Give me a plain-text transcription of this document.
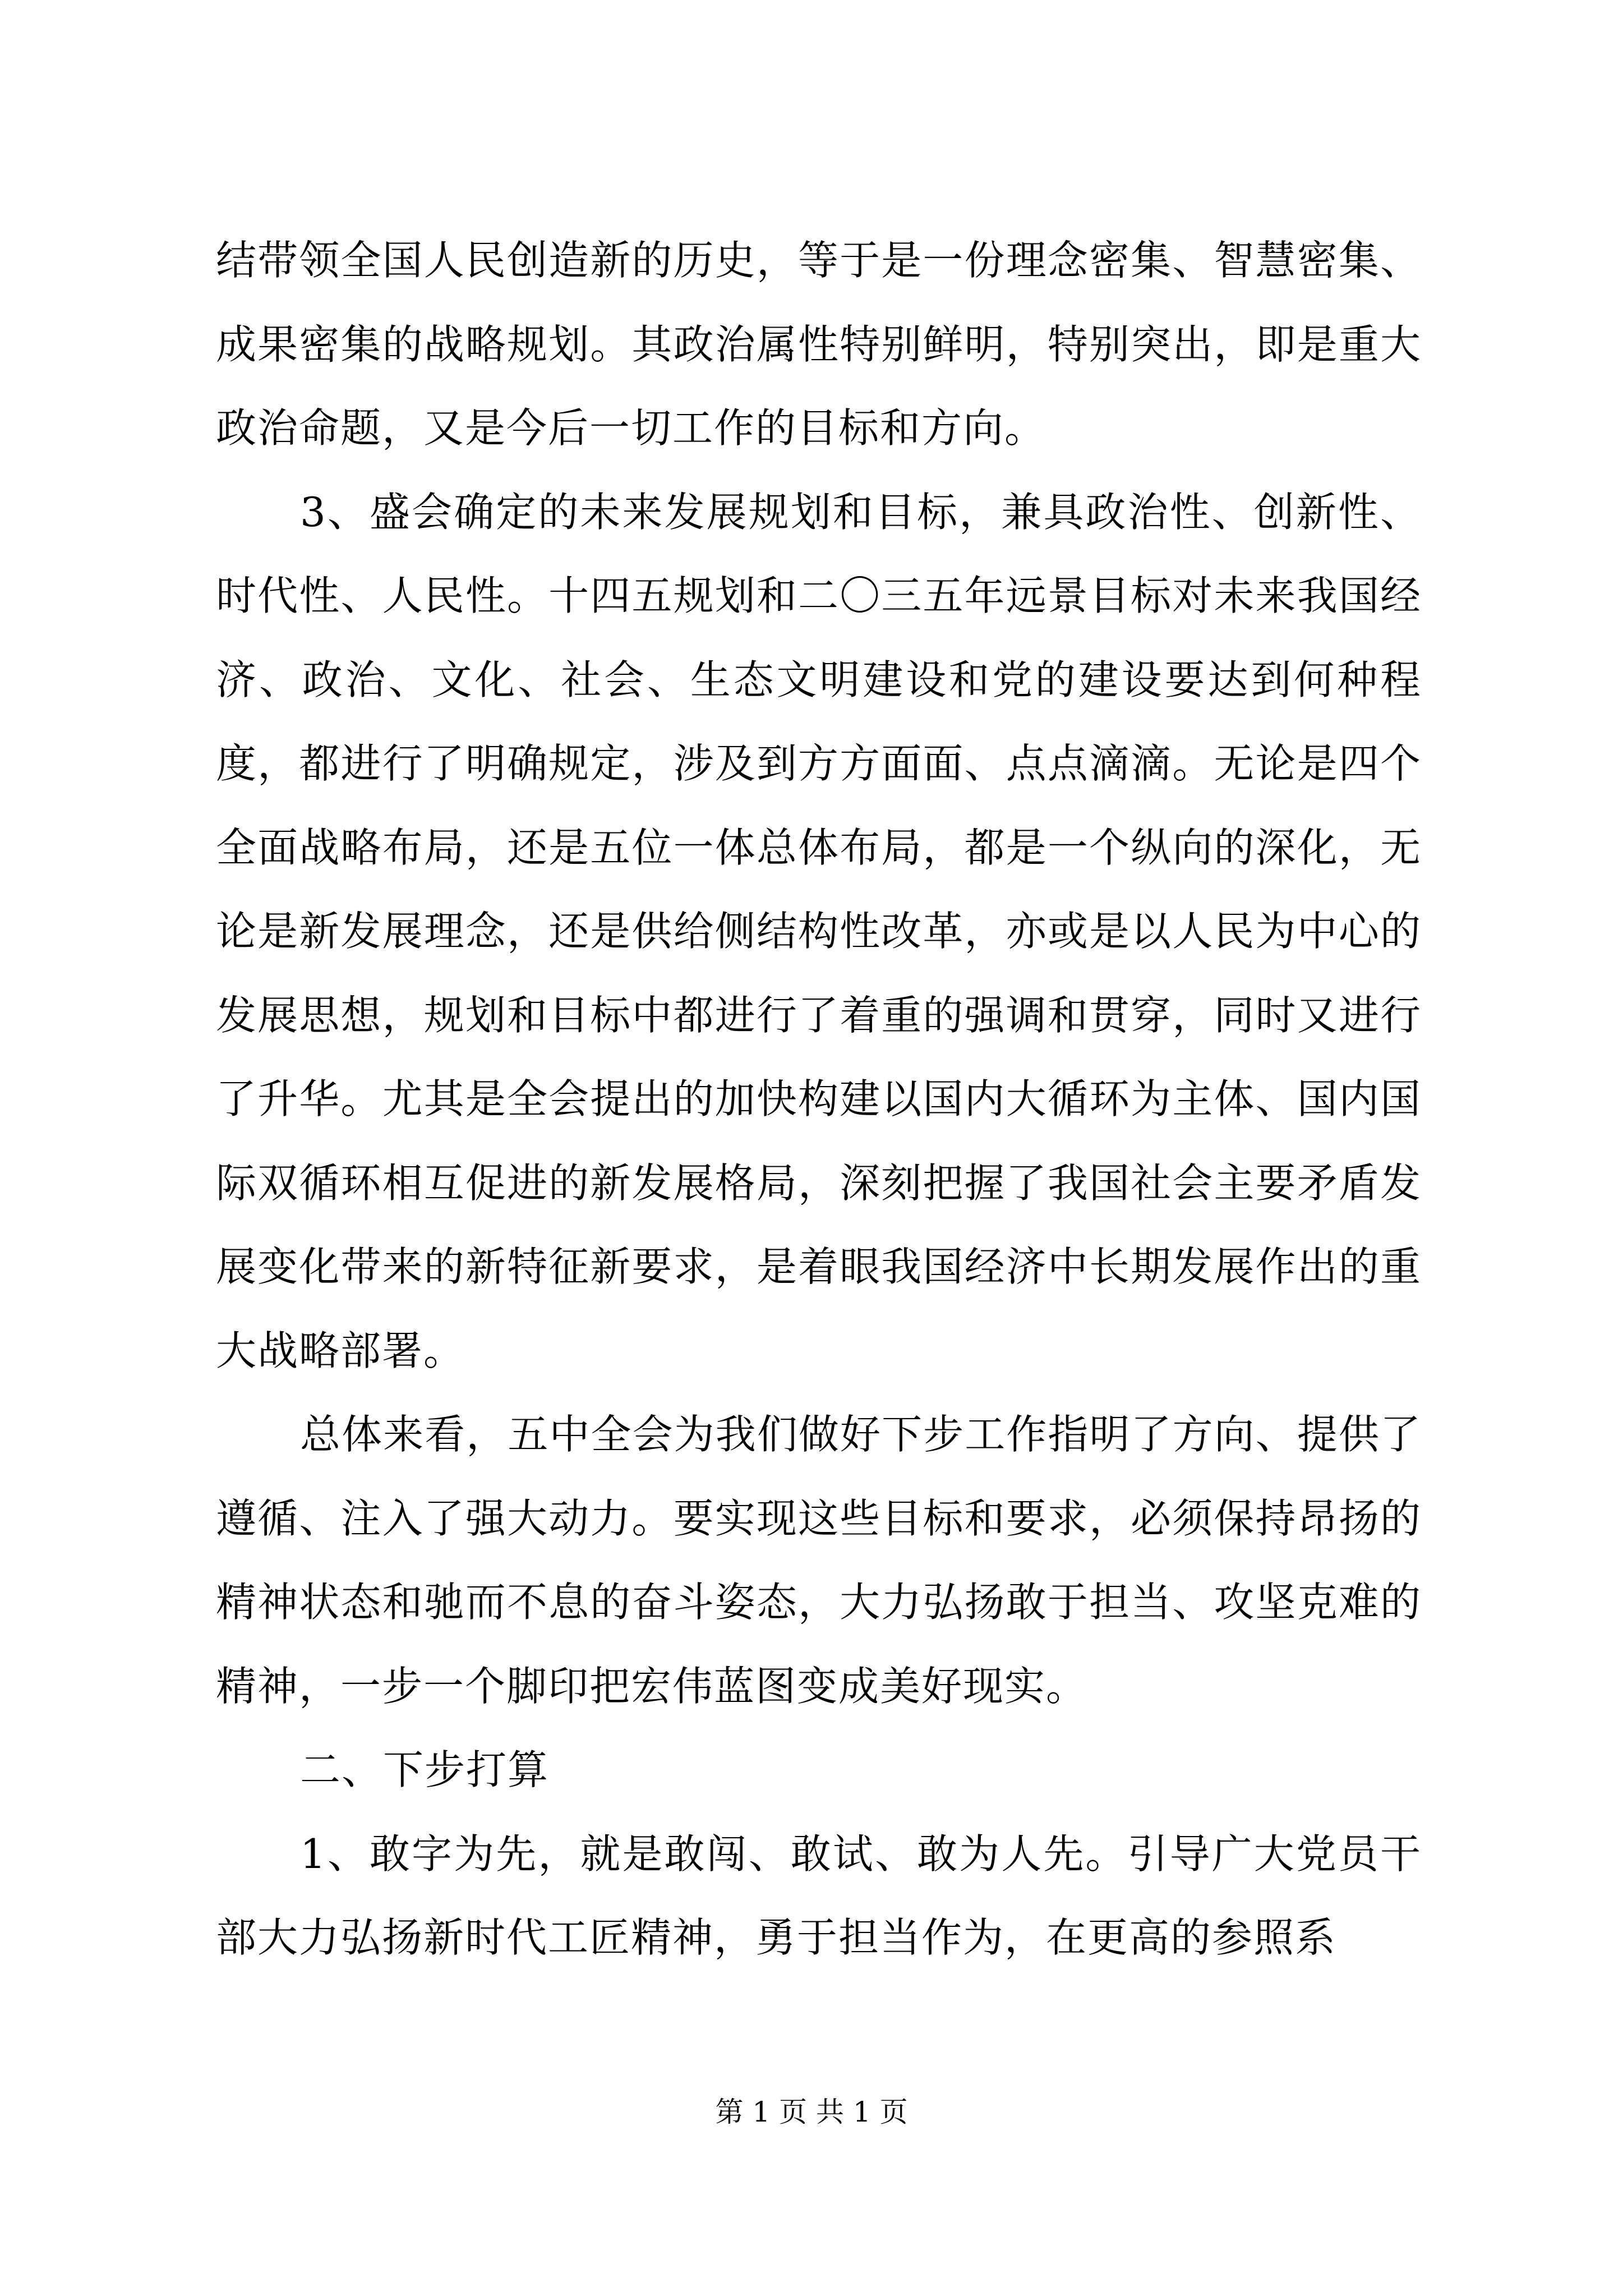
结带领全国人民创造新的历史，等于是一份理念密集、智慧密集、成果密集的战略规划。其政治属性特别鲜明，特别突出，即是重大政治命题，又是今后一切工作的目标和方向。

3、盛会确定的未来发展规划和目标，兼具政治性、创新性、时代性、人民性。十四五规划和二〇三五年远景目标对未来我国经济、政治、文化、社会、生态文明建设和党的建设要达到何种程度，都进行了明确规定，涉及到方方面面、点点滴滴。无论是四个全面战略布局，还是五位一体总体布局，都是一个纵向的深化，无论是新发展理念，还是供给侧结构性改革，亦或是以人民为中心的发展思想，规划和目标中都进行了着重的强调和贯穿，同时又进行了升华。尤其是全会提出的加快构建以国内大循环为主体、国内国际双循环相互促进的新发展格局，深刻把握了我国社会主要矛盾发展变化带来的新特征新要求，是着眼我国经济中长期发展作出的重大战略部署。

总体来看，五中全会为我们做好下步工作指明了方向、提供了遵循、注入了强大动力。要实现这些目标和要求，必须保持昂扬的精神状态和驰而不息的奋斗姿态，大力弘扬敢于担当、攻坚克难的精神，一步一个脚印把宏伟蓝图变成美好现实。

二、下步打算

1、敢字为先，就是敢闯、敢试、敢为人先。引导广大党员干部大力弘扬新时代工匠精神，勇于担当作为，在更高的参照系

第 1 页 共 1 页
